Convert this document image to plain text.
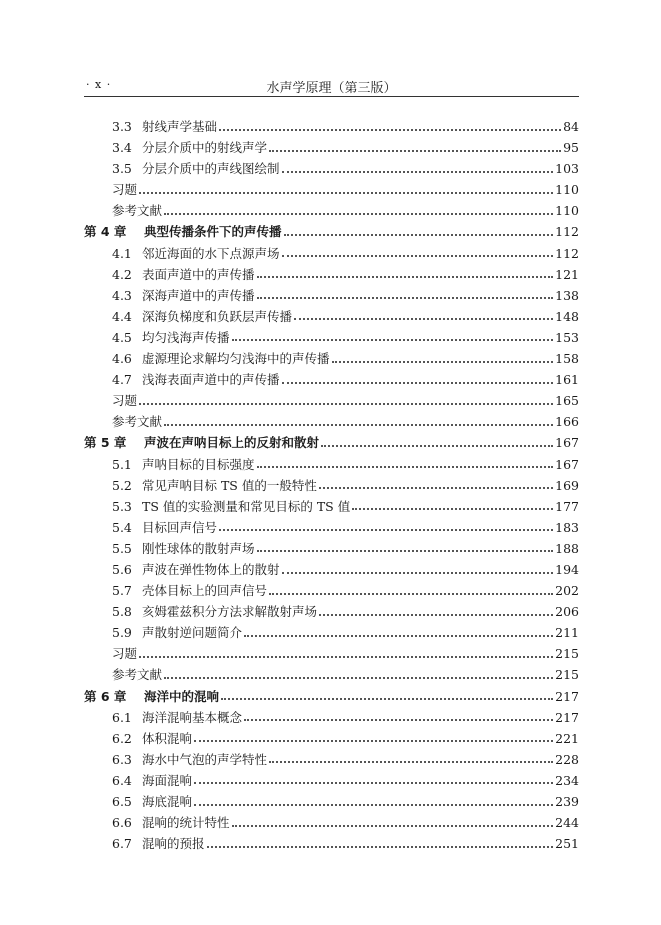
· x ·	水声学原理（第三版）
3.3 射线声学基础	84
3.4 分层介质中的射线声学	95
3.5 分层介质中的声线图绘制	103
习题	110
参考文献	110
第 4 章	典型传播条件下的声传播	112
4.1 邻近海面的水下点源声场	112
4.2 表面声道中的声传播	121
4.3 深海声道中的声传播	138
4.4 深海负梯度和负跃层声传播	148
4.5 均匀浅海声传播	153
4.6 虚源理论求解均匀浅海中的声传播	158
4.7 浅海表面声道中的声传播	161
习题	165
参考文献	166
第 5 章	声波在声呐目标上的反射和散射	167
5.1 声呐目标的目标强度	167
5.2 常见声呐目标 TS 值的一般特性	169
5.3 TS 值的实验测量和常见目标的 TS 值	177
5.4 目标回声信号	183
5.5 刚性球体的散射声场	188
5.6 声波在弹性物体上的散射	194
5.7 壳体目标上的回声信号	202
5.8 亥姆霍兹积分方法求解散射声场	206
5.9 声散射逆问题简介	211
习题	215
参考文献	215
第 6 章	海洋中的混响	217
6.1 海洋混响基本概念	217
6.2 体积混响	221
6.3 海水中气泡的声学特性	228
6.4 海面混响	234
6.5 海底混响	239
6.6 混响的统计特性	244
6.7 混响的预报	251
